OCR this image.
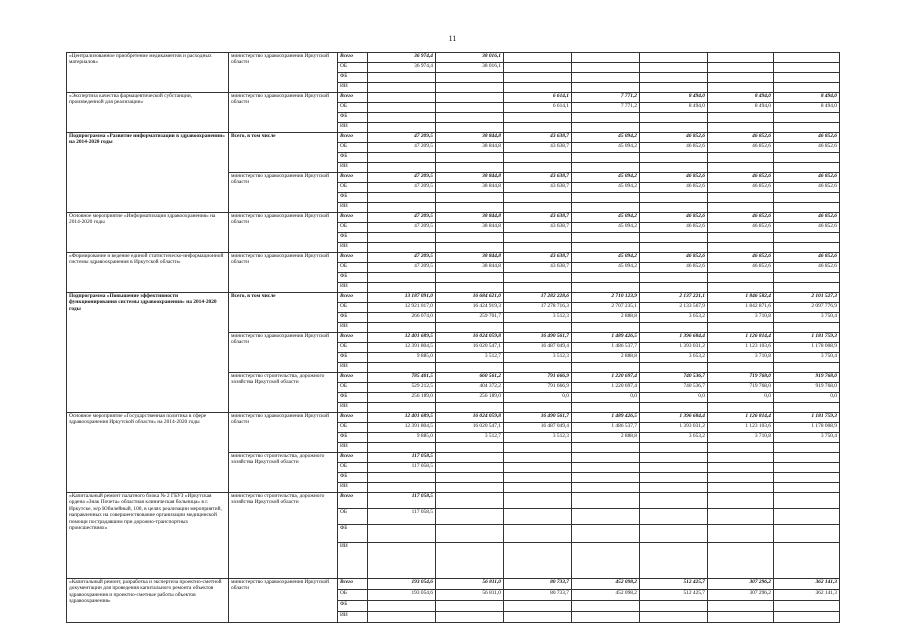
11
«Централизованное приобретение медикаментов и расходных материалов»	министерство здравоохранения Иркутской области	Всего	36 974,4	38 016,1					
		ОБ	36 974,4	38 016,1					
		ФБ							
		ИИ							
«Экспертиза качества фармацевтической субстанции, произведенной для реализации»	министерство здравоохранения Иркутской области	Всего			6 614,1	7 771,2	8 494,0	8 494,0	8 494,0
		ОБ			6 614,1	7 771,2	8 494,0	8 494,0	8 494,0
		ФБ							
		ИИ							
Подпрограмма «Развитие информатизации в здравоохранении» на 2014-2020 годы	Всего, в том числе	Всего	47 209,5	38 844,8	43 638,7	45 094,2	46 852,6	46 852,6	46 852,6
		ОБ	47 209,5	38 844,8	43 638,7	45 094,2	46 852,6	46 852,6	46 852,6
		ФБ							
		ИИ							
	министерство здравоохранения Иркутской области	Всего	47 209,5	38 844,8	43 638,7	45 094,2	46 852,6	46 852,6	46 852,6
		ОБ	47 209,5	38 844,8	43 638,7	45 094,2	46 852,6	46 852,6	46 852,6
		ФБ							
		ИИ							
Основное мероприятие «Информатизация здравоохранения» на 2014-2020 годы	министерство здравоохранения Иркутской области	Всего	47 209,5	38 844,8	43 638,7	45 094,2	46 852,6	46 852,6	46 852,6
		ОБ	47 209,5	38 844,8	43 638,7	45 094,2	46 852,6	46 852,6	46 852,6
		ФБ							
		ИИ							
«Формирование и ведение единой статистическо-информационной системы здравоохранения в Иркутской области»	министерство здравоохранения Иркутской области	Всего	47 209,5	38 844,8	43 638,7	45 094,2	46 852,6	46 852,6	46 852,6
		ОБ	47 209,5	38 844,8	43 638,7	45 094,2	46 852,6	46 852,6	46 852,6
		ФБ							
		ИИ							
Подпрограмма «Повышение эффективности функционирования системы здравоохранения» на 2014-2020 годы	Всего, в том числе	Всего	13 187 091,0	16 684 621,0	17 282 228,6	2 710 123,9	2 137 221,1	1 846 582,4	2 101 527,3
		ОБ	12 921 017,0	16 424 919,3	17 278 716,3	2 707 235,1	2 133 567,9	1 842 871,6	2 097 776,9
		ФБ	266 074,0	259 701,7	3 512,3	2 888,8	3 653,2	3 710,8	3 750,4
		ИИ							
	министерство здравоохранения Иркутской области	Всего	12 401 689,5	16 024 059,8	16 490 561,7	1 489 426,5	1 396 684,4	1 126 814,4	1 181 759,3
		ОБ	12 391 804,5	16 020 547,1	16 487 049,4	1 486 537,7	1 393 031,2	1 123 103,6	1 178 008,9
		ФБ	9 885,0	3 512,7	3 512,3	2 888,8	3 653,2	3 710,8	3 750,4
		ИИ							
	министерство строительства, дорожного хозяйства Иркутской области	Всего	785 401,5	660 561,2	791 666,9	1 220 697,4	740 536,7	719 768,0	919 768,0
		ОБ	529 212,5	404 372,2	791 666,9	1 220 697,4	740 536,7	719 768,0	919 768,0
		ФБ	256 189,0	256 189,0	0,0	0,0	0,0	0,0	0,0
		ИИ							
Основное мероприятие «Государственная политика в сфере здравоохранения Иркутской области» на 2014-2020 годы	министерство здравоохранения Иркутской области	Всего	12 401 689,5	16 024 059,8	16 490 561,7	1 489 426,5	1 396 684,4	1 126 814,4	1 181 759,3
		ОБ	12 391 804,5	16 020 547,1	16 487 049,4	1 486 537,7	1 393 031,2	1 123 103,6	1 178 008,9
		ФБ	9 885,0	3 512,7	3 512,3	2 888,8	3 653,2	3 710,8	3 750,4
		ИИ							
	министерство строительства, дорожного хозяйства Иркутской области	Всего	117 058,5						
		ОБ	117 058,5						
		ФБ							
		ИИ							
«Капитальный ремонт палатного блока № 2 ГБУЗ «Иркутская ордена «Знак Почета» областная клиническая больница» в г. Иркутске, м/р Юбилейный, 100, в целях реализации мероприятий, направленных на совершенствование организации медицинской помощи пострадавшим при дорожно-транспортных происшествиях»	министерство строительства, дорожного хозяйства Иркутской области	Всего	117 058,5						
		ОБ	117 058,5						
		ФБ							
		ИИ							
«Капитальный ремонт, разработка и экспертиза проектно-сметной документации для проведения капитального ремонта объектов здравоохранения и проектно-сметные работы объектов здравоохранения»	министерство здравоохранения Иркутской области	Всего	193 054,6	56 811,0	80 733,7	452 098,2	512 425,7	307 296,2	362 141,3
		ОБ	193 054,6	56 811,0	80 733,7	452 098,2	512 425,7	307 296,2	362 141,3
		ФБ							
		ИИ							
